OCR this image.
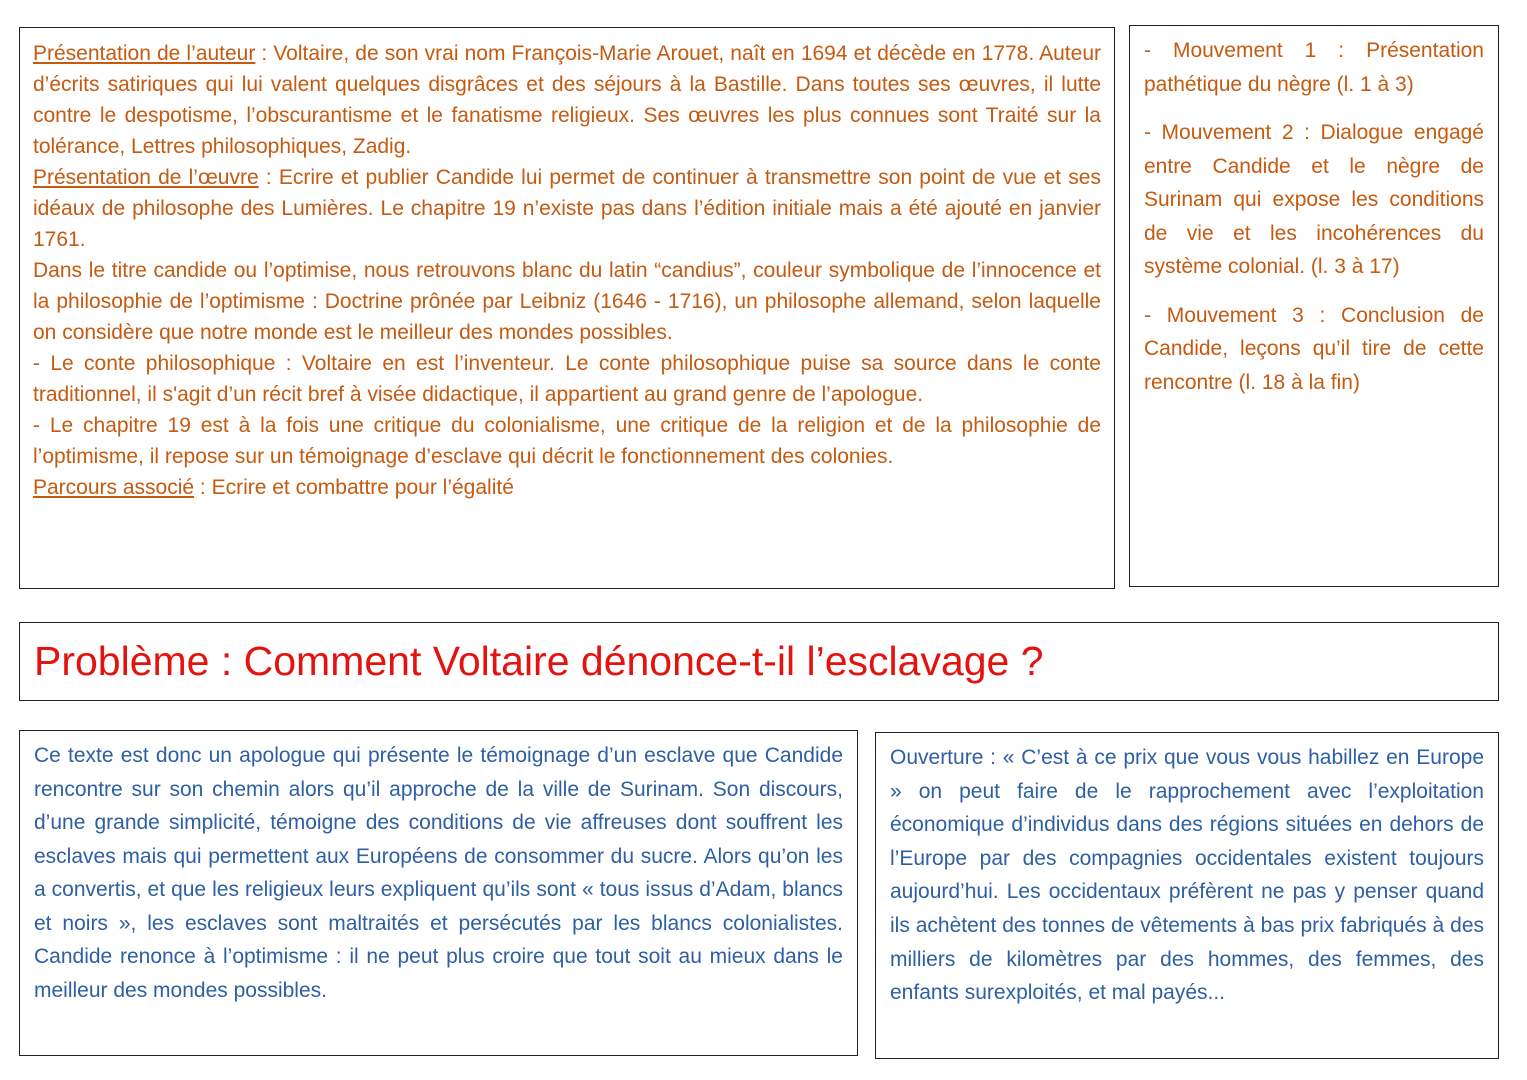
Présentation de l’auteur : Voltaire, de son vrai nom François-Marie Arouet, naît en 1694 et décède en 1778. Auteur d’écrits satiriques qui lui valent quelques disgrâces et des séjours à la Bastille. Dans toutes ses œuvres, il lutte contre le despotisme, l’obscurantisme et le fanatisme religieux. Ses œuvres les plus connues sont Traité sur la tolérance, Lettres philosophiques, Zadig.

Présentation de l’œuvre : Ecrire et publier Candide lui permet de continuer à transmettre son point de vue et ses idéaux de philosophe des Lumières. Le chapitre 19 n’existe pas dans l’édition initiale mais a été ajouté en janvier 1761.

Dans le titre candide ou l’optimise, nous retrouvons blanc du latin “candius”, couleur symbolique de l’innocence et la philosophie de l’optimisme : Doctrine prônée par Leibniz (1646 - 1716), un philosophe allemand, selon laquelle on considère que notre monde est le meilleur des mondes possibles.

- Le conte philosophique : Voltaire en est l’inventeur. Le conte philosophique puise sa source dans le conte traditionnel, il s'agit d’un récit bref à visée didactique, il appartient au grand genre de l’apologue.

- Le chapitre 19 est à la fois une critique du colonialisme, une critique de la religion et de la philosophie de l’optimisme, il repose sur un témoignage d’esclave qui décrit le fonctionnement des colonies.

Parcours associé : Ecrire et combattre pour l’égalité

- Mouvement 1 : Présentation pathétique du nègre (l. 1 à 3)

- Mouvement 2 : Dialogue engagé entre Candide et le nègre de Surinam qui expose les conditions de vie et les incohérences du système colonial. (l. 3 à 17)

- Mouvement 3 : Conclusion de Candide, leçons qu’il tire de cette rencontre (l. 18 à la fin)

Problème : Comment Voltaire dénonce-t-il l’esclavage ?

Ce texte est donc un apologue qui présente le témoignage d’un esclave que Candide rencontre sur son chemin alors qu’il approche de la ville de Surinam. Son discours, d’une grande simplicité, témoigne des conditions de vie affreuses dont souffrent les esclaves mais qui permettent aux Européens de consommer du sucre. Alors qu’on les a convertis, et que les religieux leurs expliquent qu’ils sont « tous issus d’Adam, blancs et noirs », les esclaves sont maltraités et persécutés par les blancs colonialistes. Candide renonce à l’optimisme : il ne peut plus croire que tout soit au mieux dans le meilleur des mondes possibles.

Ouverture : « C’est à ce prix que vous vous habillez en Europe » on peut faire de le rapprochement avec l’exploitation économique d’individus dans des régions situées en dehors de l’Europe par des compagnies occidentales existent toujours aujourd’hui. Les occidentaux préfèrent ne pas y penser quand ils achètent des tonnes de vêtements à bas prix fabriqués à des milliers de kilomètres par des hommes, des femmes, des enfants surexploités, et mal payés...
